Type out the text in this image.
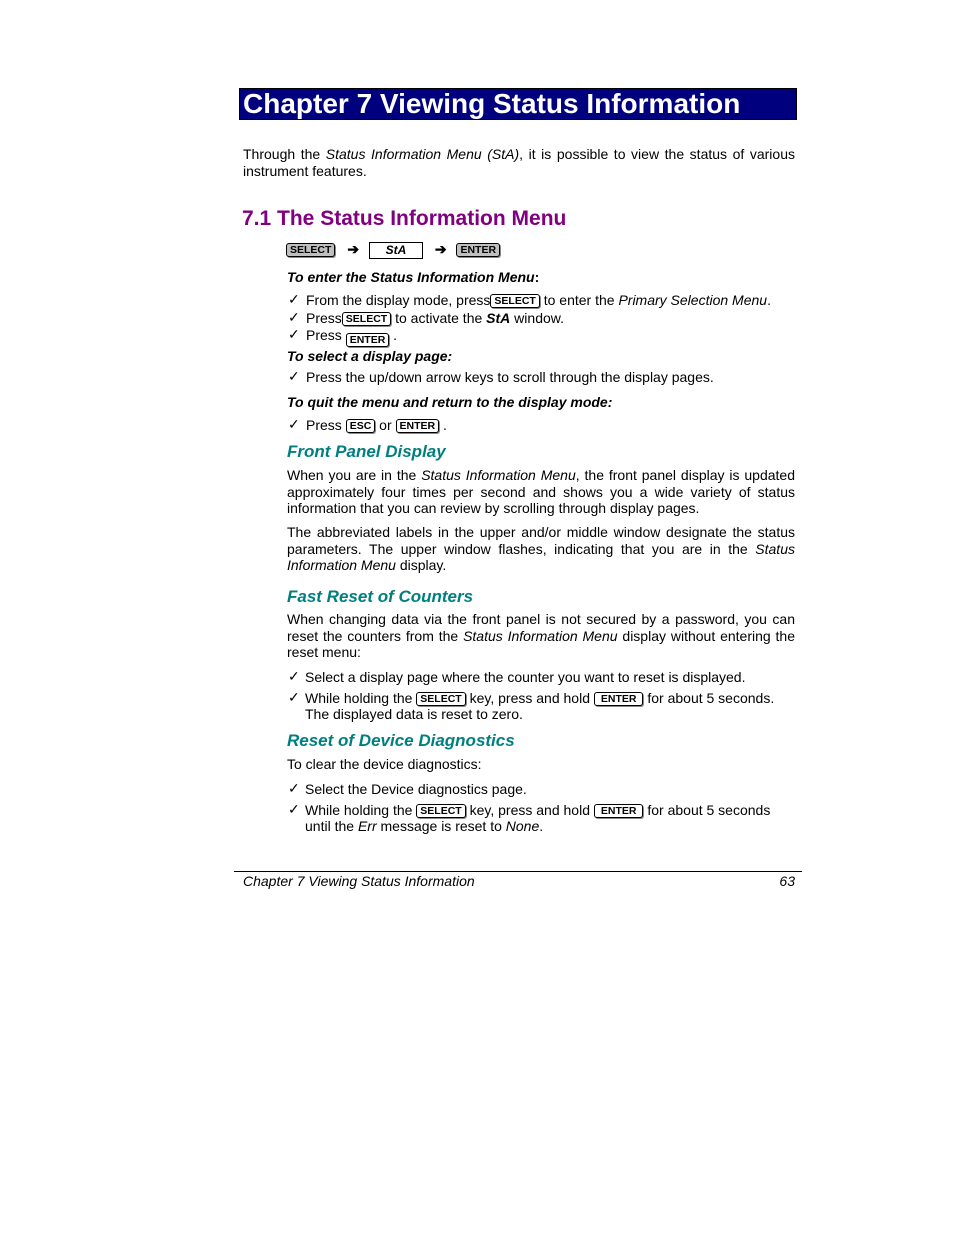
Chapter 7 Viewing Status Information
Through the Status Information Menu (StA), it is possible to view the status of various instrument features.
7.1 The Status Information Menu
SELECT ➔ StA ➔ ENTER
To enter the Status Information Menu:
✓ From the display mode, press SELECT to enter the Primary Selection Menu.
✓ Press SELECT to activate the StA window.
✓ Press ENTER .
To select a display page:
✓ Press the up/down arrow keys to scroll through the display pages.
To quit the menu and return to the display mode:
✓ Press ESC or ENTER .
Front Panel Display
When you are in the Status Information Menu, the front panel display is updated approximately four times per second and shows you a wide variety of status information that you can review by scrolling through display pages.
The abbreviated labels in the upper and/or middle window designate the status parameters. The upper window flashes, indicating that you are in the Status Information Menu display.
Fast Reset of Counters
When changing data via the front panel is not secured by a password, you can reset the counters from the Status Information Menu display without entering the reset menu:
✓ Select a display page where the counter you want to reset is displayed.
✓ While holding the SELECT key, press and hold ENTER for about 5 seconds.
The displayed data is reset to zero.
Reset of Device Diagnostics
To clear the device diagnostics:
✓ Select the Device diagnostics page.
✓ While holding the SELECT key, press and hold ENTER for about 5 seconds
until the Err message is reset to None.
Chapter 7 Viewing Status Information	63
